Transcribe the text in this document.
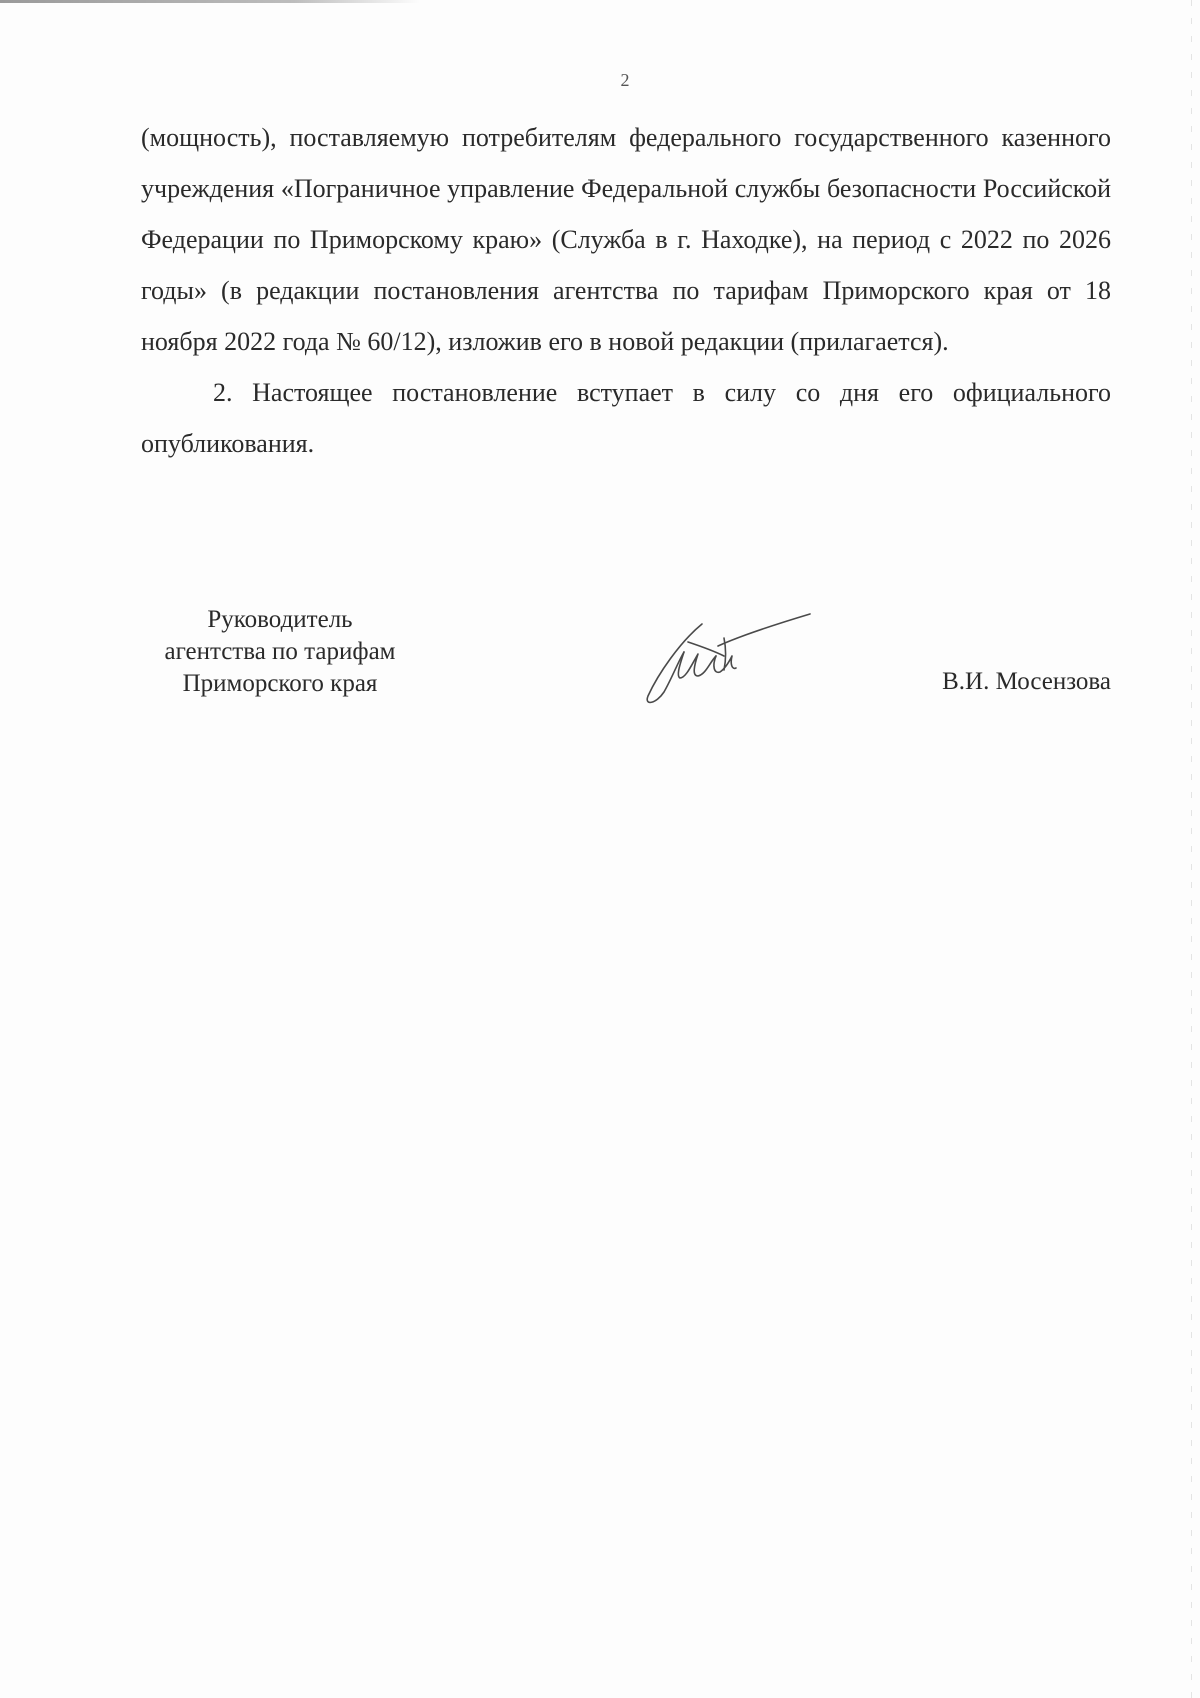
2

(мощность), поставляемую потребителям федерального государственного казенного учреждения «Пограничное управление Федеральной службы безопасности Российской Федерации по Приморскому краю» (Служба в г. Находке), на период с 2022 по 2026 годы» (в редакции постановления агентства по тарифам Приморского края от 18 ноября 2022 года № 60/12), изложив его в новой редакции (прилагается).

2. Настоящее постановление вступает в силу со дня его официального опубликования.

Руководитель
агентства по тарифам
Приморского края	В.И. Мосензова
